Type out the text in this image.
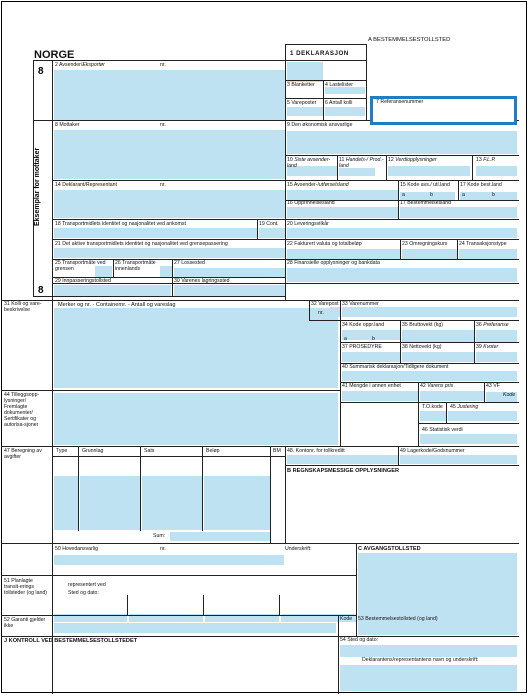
NORGE
8
8
Eksemplar for mottaker
A BESTEMMELSESTOLLSTED
1 DEKLARASJON
2 Avsender/Eksportør	nr.
3 Blanketter 4 Lastelister
5 Vareposter 6 Antall kolli	7 Referansenummer
8 Mottaker	nr.	9 Den økonomisk ansvarlige
10 Siste avsender-land
11 Handels-/ Prod.-land
12 Verdiopplysninger	13 F.L.P.
14 Deklarant/Representant	nr.	15 Avsender-/utførselsland	15 Kode avs./ utl.land 17 Kode best.land
a	b	a	b
16 Opprinnelsesland	17 Bestemmelsesland
18 Transportmidlets identitet og nasjonalitet ved ankomst	19 Cont. 20 Leveringsvilkår
21 Det aktive transportmidlets identitet og nasjonalitet ved grensepassering	22 Fakturert valuta og totalbeløp	23 Omregningskurs 24 Transaksjonstype
25 Transportmåte ved grensen
26 Transportmåte innenlands
27 Lossested	28 Finansielle opplysninger og bankdata
29 Innpasseringstollsted	30 Varenes lagringssted
31 Kolli og vare-beskrivelse
Merker og nr. - Containernr. - Antall og vareslag	32 Varepost
nr.
33 Varenummer
34 Kode oppr.land
a	b
35 Bruttovekt (kg)	36 Preferanse
37 PROSEDYRE	38 Nettovekt (kg)	39 Kvoter
40 Summarisk deklarasjon/Tidligere dokument
41 Mengde i annen enhet	42 Varens pris	43 VF
Kode
44 Tilleggsopp-lysninger/ Fremlagte dokumenter/ Sertifikater og autorisa-sjoner
T.O.kode 45 Justering
46 Statistisk verdi
47 Beregning av avgifter
Type	Grunnlag	Sats	Beløp	BM
Sum:
48. Kontonr. for tollkreditt	49 Lagerkode/Godsnummer
B REGNSKAPSMESSIGE OPPLYSNINGER
50 Hovedansvarlig	nr.	Underskrift:	C AVGANGSTOLLSTED
representert ved
Sted og dato:
51 Planlagte transit-erings tollsteder (og land)
52 Garanti gjelder ikke
Kode 53 Bestemmelsestollsted (og land)
J KONTROLL VED BESTEMMELSESTOLLSTEDET	54 Sted og dato:
Deklarantens/representantens navn og underskrift:
